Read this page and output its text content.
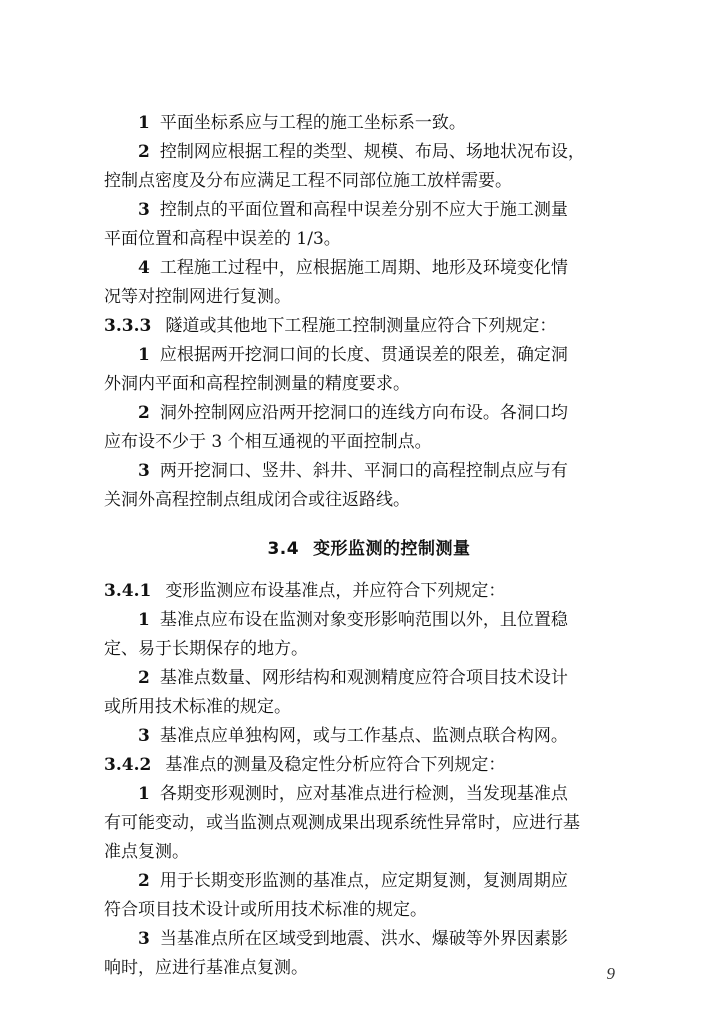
1 平面坐标系应与工程的施工坐标系一致。
2 控制网应根据工程的类型、规模、布局、场地状况布设，
控制点密度及分布应满足工程不同部位施工放样需要。
3 控制点的平面位置和高程中误差分别不应大于施工测量
平面位置和高程中误差的 1/3。
4 工程施工过程中，应根据施工周期、地形及环境变化情
况等对控制网进行复测。
3.3.3 隧道或其他地下工程施工控制测量应符合下列规定：
1 应根据两开挖洞口间的长度、贯通误差的限差，确定洞
外洞内平面和高程控制测量的精度要求。
2 洞外控制网应沿两开挖洞口的连线方向布设。各洞口均
应布设不少于 3 个相互通视的平面控制点。
3 两开挖洞口、竖井、斜井、平洞口的高程控制点应与有
关洞外高程控制点组成闭合或往返路线。
3.4 变形监测的控制测量
3.4.1 变形监测应布设基准点，并应符合下列规定：
1 基准点应布设在监测对象变形影响范围以外，且位置稳
定、易于长期保存的地方。
2 基准点数量、网形结构和观测精度应符合项目技术设计
或所用技术标准的规定。
3 基准点应单独构网，或与工作基点、监测点联合构网。
3.4.2 基准点的测量及稳定性分析应符合下列规定：
1 各期变形观测时，应对基准点进行检测，当发现基准点
有可能变动，或当监测点观测成果出现系统性异常时，应进行基
准点复测。
2 用于长期变形监测的基准点，应定期复测，复测周期应
符合项目技术设计或所用技术标准的规定。
3 当基准点所在区域受到地震、洪水、爆破等外界因素影
响时，应进行基准点复测。	9
